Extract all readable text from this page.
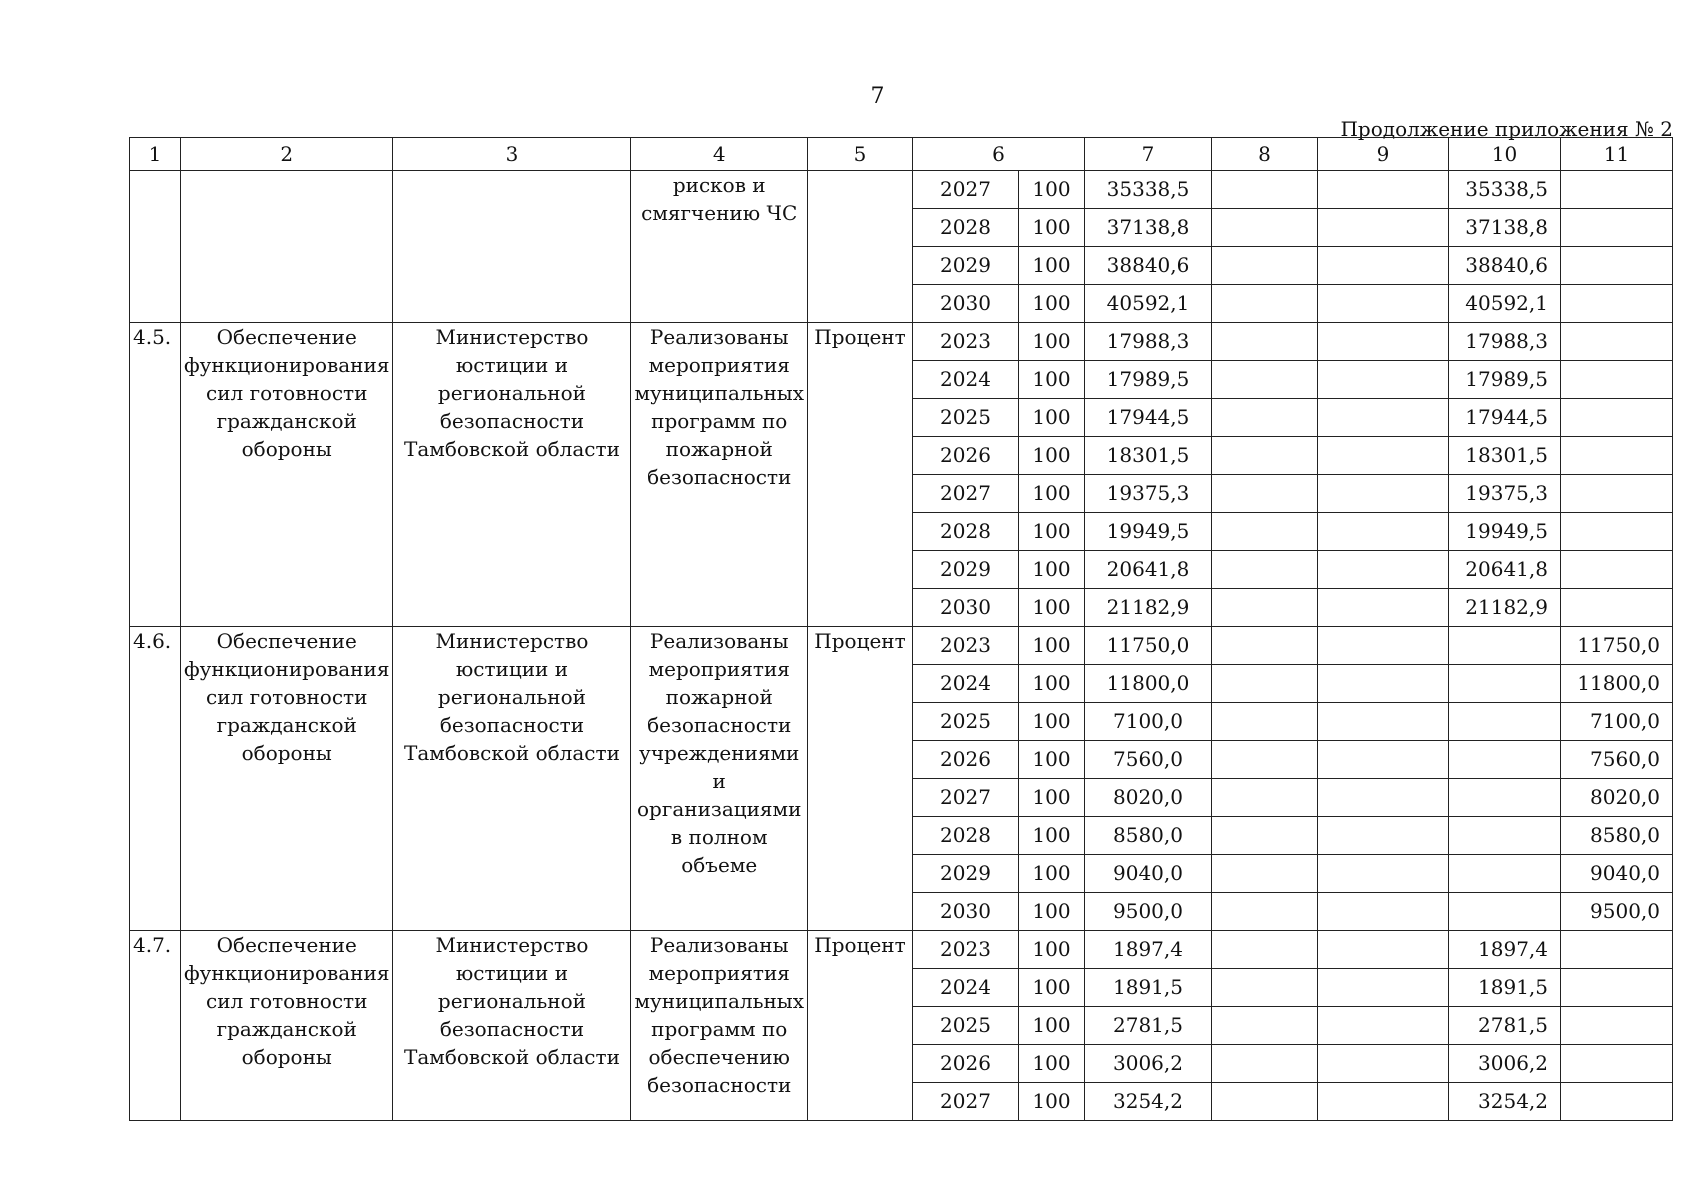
7
Продолжение приложения № 2
1	2	3	4	5	6		7	8	9	10	11
			рисков и смягчению ЧС		2027	100	35338,5			35338,5	
					2028	100	37138,8			37138,8	
					2029	100	38840,6			38840,6	
					2030	100	40592,1			40592,1	
4.5.	Обеспечение функционирования сил готовности гражданской обороны	Министерство юстиции и региональной безопасности Тамбовской области	Реализованы мероприятия муниципальных программ по пожарной безопасности	Процент	2023	100	17988,3			17988,3	
					2024	100	17989,5			17989,5	
					2025	100	17944,5			17944,5	
					2026	100	18301,5			18301,5	
					2027	100	19375,3			19375,3	
					2028	100	19949,5			19949,5	
					2029	100	20641,8			20641,8	
					2030	100	21182,9			21182,9	
4.6.	Обеспечение функционирования сил готовности гражданской обороны	Министерство юстиции и региональной безопасности Тамбовской области	Реализованы мероприятия пожарной безопасности учреждениями и организациями в полном объеме	Процент	2023	100	11750,0				11750,0
					2024	100	11800,0				11800,0
					2025	100	7100,0				7100,0
					2026	100	7560,0				7560,0
					2027	100	8020,0				8020,0
					2028	100	8580,0				8580,0
					2029	100	9040,0				9040,0
					2030	100	9500,0				9500,0
4.7.	Обеспечение функционирования сил готовности гражданской обороны	Министерство юстиции и региональной безопасности Тамбовской области	Реализованы мероприятия муниципальных программ по обеспечению безопасности	Процент	2023	100	1897,4			1897,4	
					2024	100	1891,5			1891,5	
					2025	100	2781,5			2781,5	
					2026	100	3006,2			3006,2	
					2027	100	3254,2			3254,2	
